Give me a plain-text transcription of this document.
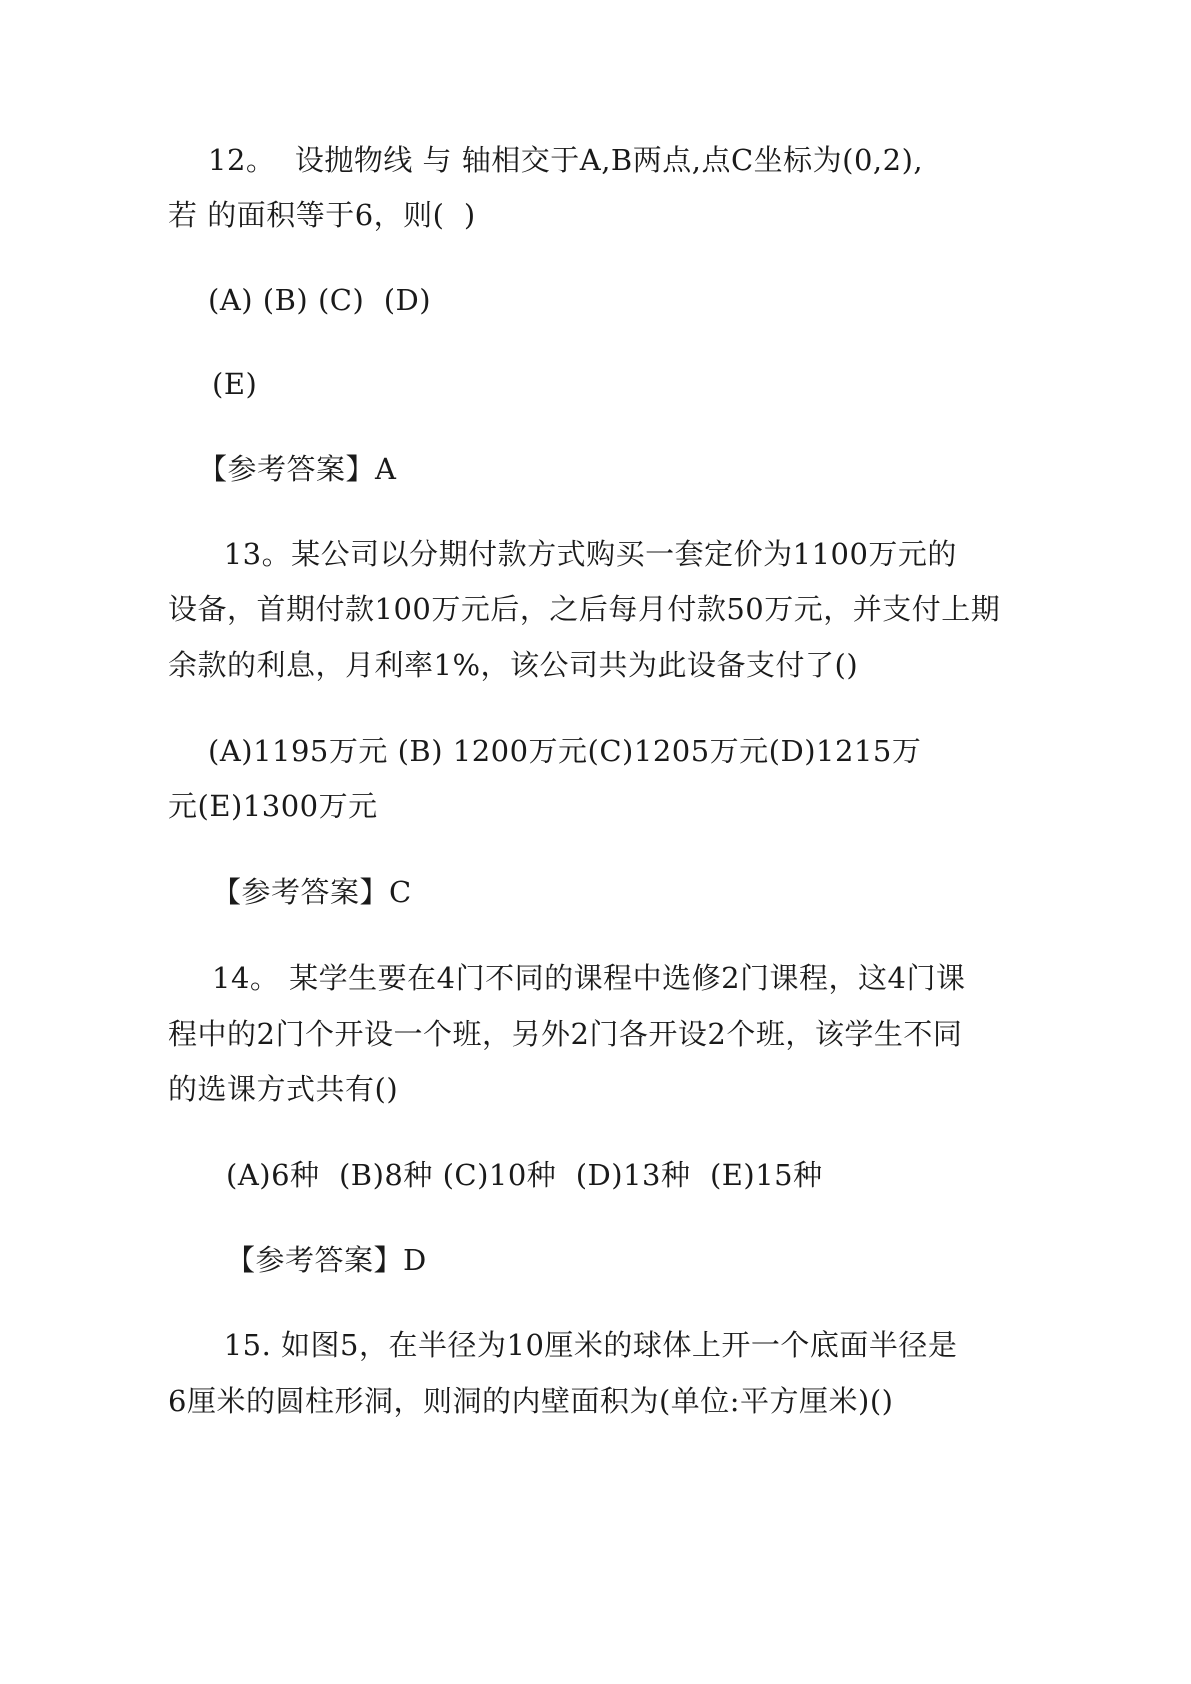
12。  设抛物线 与 轴相交于A,B两点,点C坐标为(0,2),
若 的面积等于6，则(  )
(A) (B) (C)  (D)
(E)
【参考答案】A
13。某公司以分期付款方式购买一套定价为1100万元的
设备，首期付款100万元后，之后每月付款50万元，并支付上期
余款的利息，月利率1%，该公司共为此设备支付了()
(A)1195万元 (B) 1200万元(C)1205万元(D)1215万
元(E)1300万元
【参考答案】C
14。 某学生要在4门不同的课程中选修2门课程，这4门课
程中的2门个开设一个班，另外2门各开设2个班，该学生不同
的选课方式共有()
(A)6种  (B)8种 (C)10种  (D)13种  (E)15种
【参考答案】D
15. 如图5，在半径为10厘米的球体上开一个底面半径是
6厘米的圆柱形洞，则洞的内壁面积为(单位:平方厘米)()
